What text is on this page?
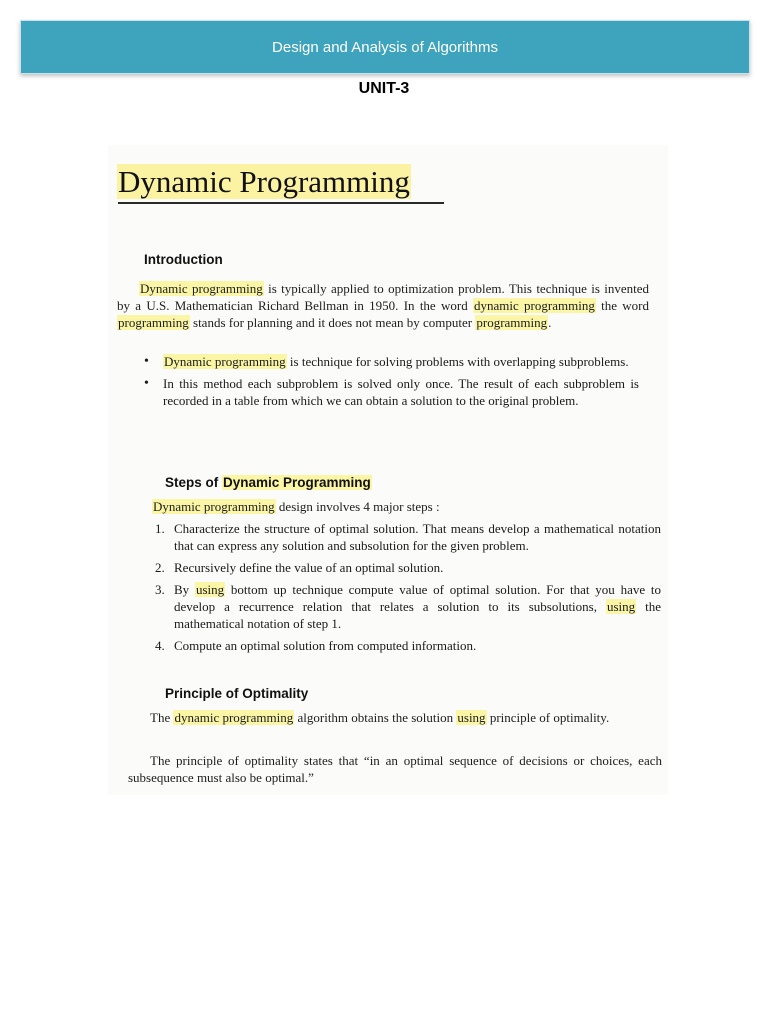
Design and Analysis of Algorithms
UNIT-3
Dynamic Programming
Introduction

Dynamic programming is typically applied to optimization problem. This technique is invented by a U.S. Mathematician Richard Bellman in 1950. In the word dynamic programming the word programming stands for planning and it does not mean by computer programming.

• Dynamic programming is technique for solving problems with overlapping subproblems.
• In this method each subproblem is solved only once. The result of each subproblem is recorded in a table from which we can obtain a solution to the original problem.
Steps of Dynamic Programming

Dynamic programming design involves 4 major steps :

1. Characterize the structure of optimal solution. That means develop a mathematical notation that can express any solution and subsolution for the given problem.
2. Recursively define the value of an optimal solution.
3. By using bottom up technique compute value of optimal solution. For that you have to develop a recurrence relation that relates a solution to its subsolutions, using the mathematical notation of step 1.
4. Compute an optimal solution from computed information.
Principle of Optimality

The dynamic programming algorithm obtains the solution using principle of optimality.

The principle of optimality states that “in an optimal sequence of decisions or choices, each subsequence must also be optimal.”
